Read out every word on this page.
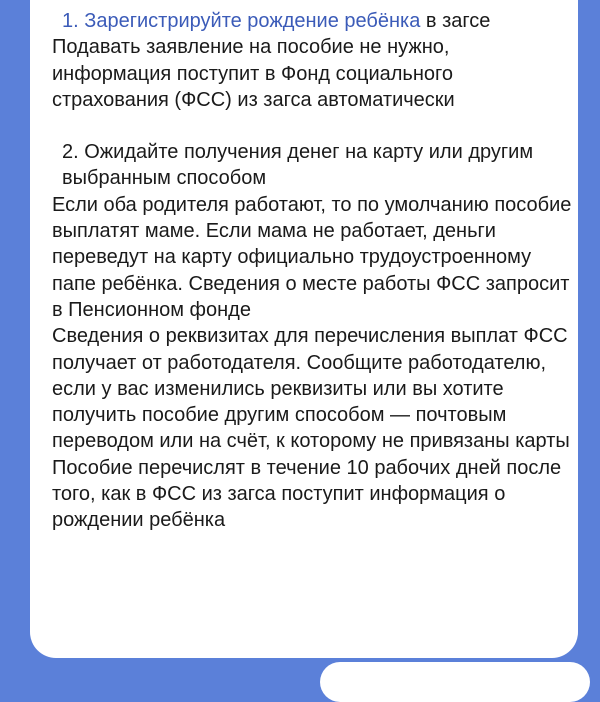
1. Зарегистрируйте рождение ребёнка в загсе

Подавать заявление на пособие не нужно, информация поступит в Фонд социального страхования (ФСС) из загса автоматически

2. Ожидайте получения денег на карту или другим выбранным способом

Если оба родителя работают, то по умолчанию пособие выплатят маме. Если мама не работает, деньги переведут на карту официально трудоустроенному папе ребёнка. Сведения о месте работы ФСС запросит в Пенсионном фонде

Сведения о реквизитах для перечисления выплат ФСС получает от работодателя. Сообщите работодателю, если у вас изменились реквизиты или вы хотите получить пособие другим способом — почтовым переводом или на счёт, к которому не привязаны карты

Пособие перечислят в течение 10 рабочих дней после того, как в ФСС из загса поступит информация о рождении ребёнка
